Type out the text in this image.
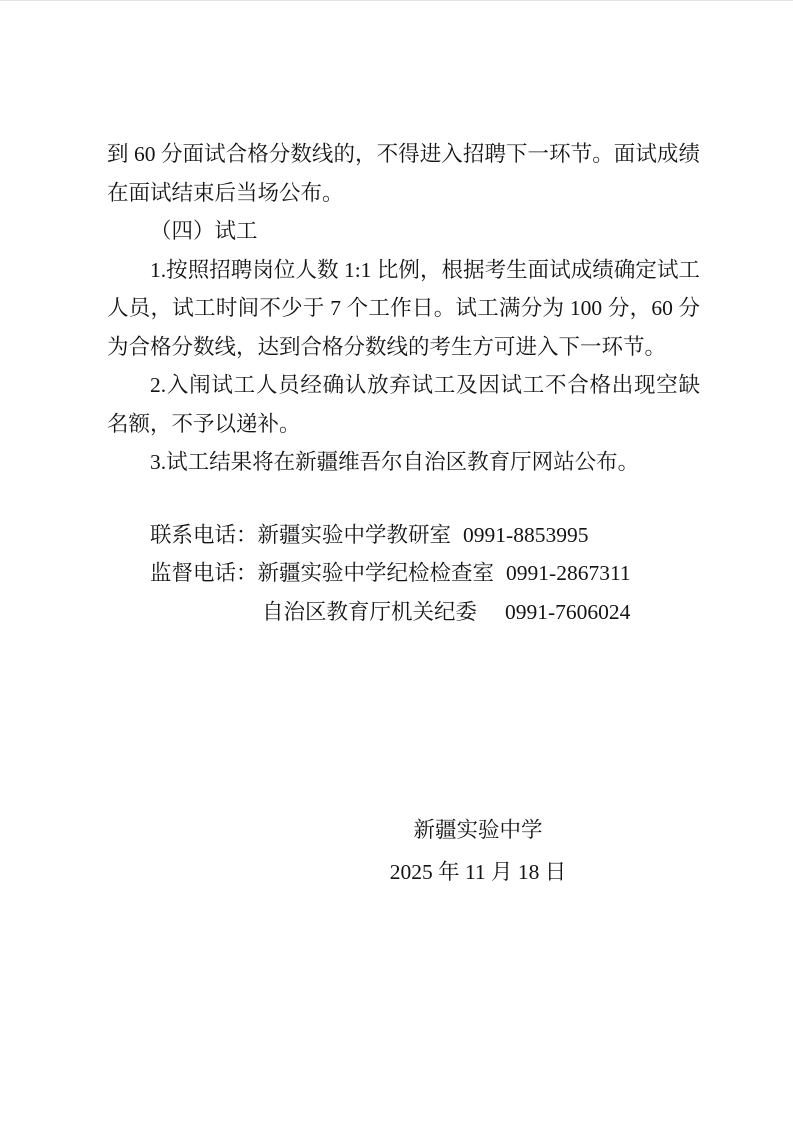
到 60 分面试合格分数线的，不得进入招聘下一环节。面试成绩在面试结束后当场公布。

（四）试工

1.按照招聘岗位人数 1:1 比例，根据考生面试成绩确定试工人员，试工时间不少于 7 个工作日。试工满分为 100 分，60 分为合格分数线，达到合格分数线的考生方可进入下一环节。

2.入闱试工人员经确认放弃试工及因试工不合格出现空缺名额，不予以递补。

3.试工结果将在新疆维吾尔自治区教育厅网站公布。

联系电话：新疆实验中学教研室 0991-8853995

监督电话：新疆实验中学纪检检查室 0991-2867311

自治区教育厅机关纪委 0991-7606024

新疆实验中学
2025 年 11 月 18 日
